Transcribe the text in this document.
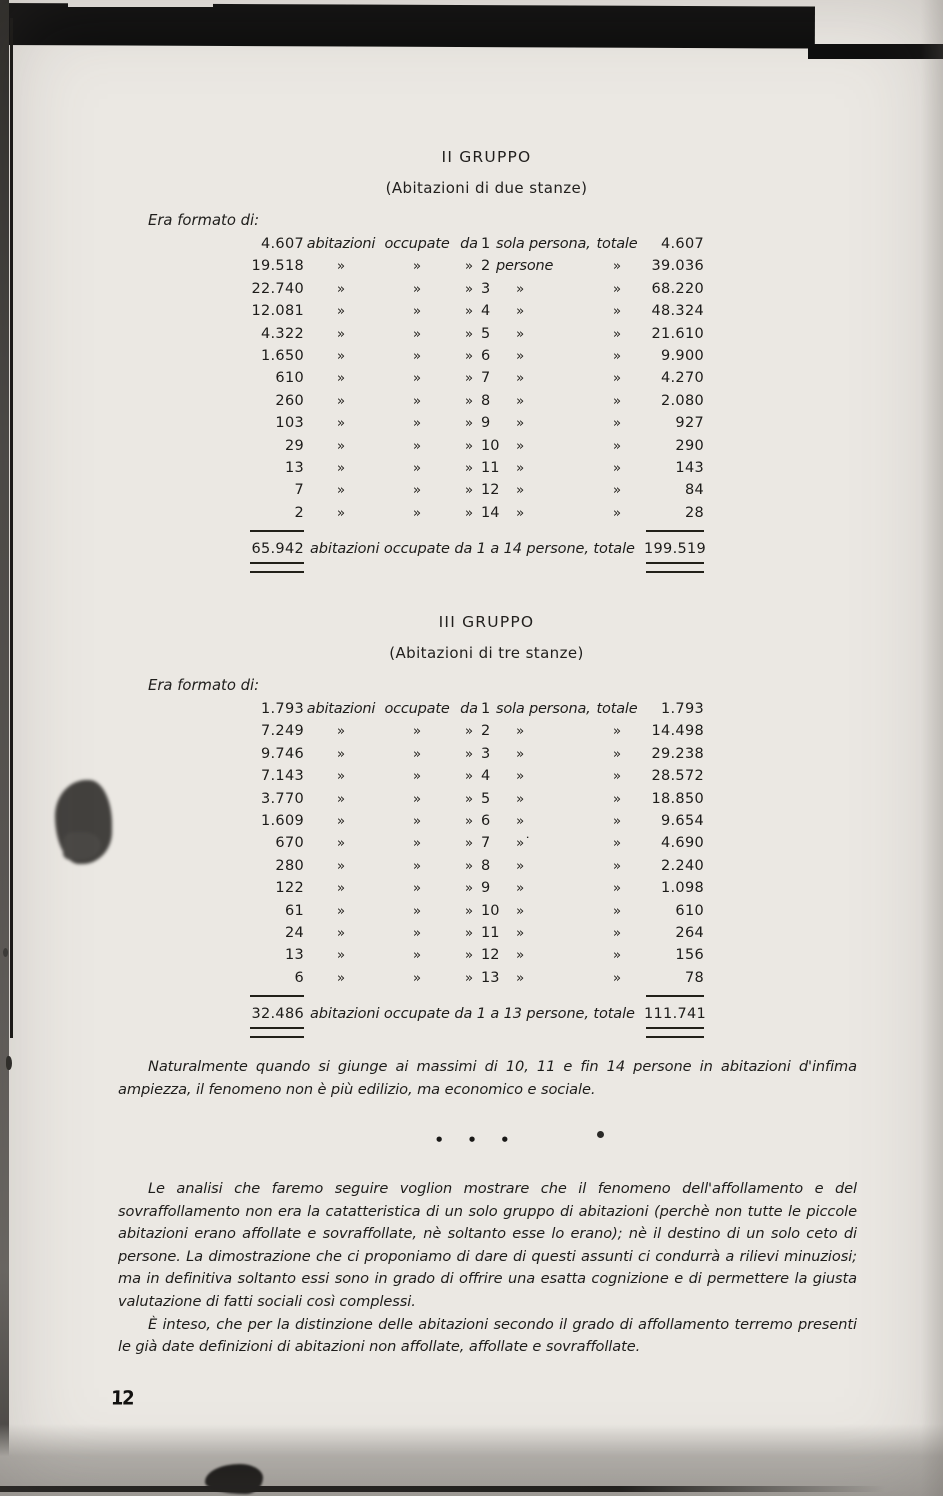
II GRUPPO
(Abitazioni di due stanze)
Era formato di:
4.607 abitazioni occupate da 1 sola persona, totale	4.607
19.518	»	»	» 2 persone	»	39.036
22.740	»	»	» 3	»	»	68.220
12.081	»	»	» 4	»	»	48.324
4.322	»	»	» 5	»	»	21.610
1.650	»	»	» 6	»	»	9.900
610	»	»	» 7	»	»	4.270
260	»	»	» 8	»	»	2.080
103	»	»	» 9	»	»	927
29	»	»	» 10	»	»	290
13	»	»	» 11	»	»	143
7	»	»	» 12	»	»	84
2	»	»	» 14	»	»	28
65.942 abitazioni occupate da 1 a 14 persone, totale 199.519
III GRUPPO
(Abitazioni di tre stanze)
Era formato di:
1.793 abitazioni occupate da 1 sola persona, totale	1.793
7.249	»	»	» 2	»	»	14.498
9.746	»	»	» 3	»	»	29.238
7.143	»	»	» 4	»	»	28.572
3.770	»	»	» 5	»	»	18.850
1.609	»	»	» 6	»	»	9.654
670	»	»	» 7	»˙	»	4.690
280	»	»	» 8	»	»	2.240
122	»	»	» 9	»	»	1.098
61	»	»	» 10	»	»	610
24	»	»	» 11	»	»	264
13	»	»	» 12	»	»	156
6	»	»	» 13	»	»	78
32.486 abitazioni occupate da 1 a 13 persone, totale 111.741

Naturalmente quando si giunge ai massimi di 10, 11 e fin 14 persone in abitazioni d'infima ampiezza, il fenomeno non è più edilizio, ma economico e sociale.

• • •

Le analisi che faremo seguire voglion mostrare che il fenomeno dell'affollamento e del sovraffollamento non era la catatteristica di un solo gruppo di abitazioni (perchè non tutte le piccole abitazioni erano affollate e sovraffollate, nè soltanto esse lo erano); nè il destino di un solo ceto di persone. La dimostrazione che ci proponiamo di dare di questi assunti ci condurrà a rilievi minuziosi; ma in definitiva soltanto essi sono in grado di offrire una esatta cognizione e di permettere la giusta valutazione di fatti sociali così complessi.

È inteso, che per la distinzione delle abitazioni secondo il grado di affollamento terremo presenti le già date definizioni di abitazioni non affollate, affollate e sovraffollate.

12
